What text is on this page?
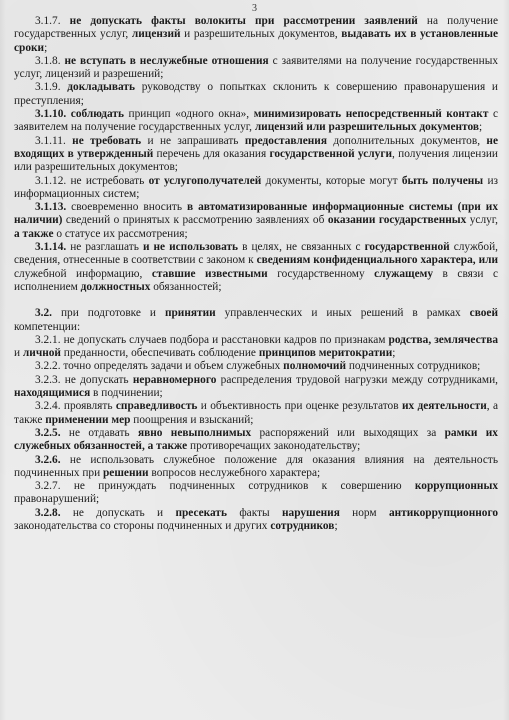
3

3.1.7. не допускать факты волокиты при рассмотрении заявлений на получение государственных услуг, лицензий и разрешительных документов, выдавать их в установленные сроки;

3.1.8. не вступать в неслужебные отношения с заявителями на получение государственных услуг, лицензий и разрешений;

3.1.9. докладывать руководству о попытках склонить к совершению правонарушения и преступления;

3.1.10. соблюдать принцип «одного окна», минимизировать непосредственный контакт с заявителем на получение государственных услуг, лицензий или разрешительных документов;

3.1.11. не требовать и не запрашивать предоставления дополнительных документов, не входящих в утвержденный перечень для оказания государственной услуги, получения лицензии или разрешительных документов;

3.1.12. не истребовать от услугополучателей документы, которые могут быть получены из информационных систем;

3.1.13. своевременно вносить в автоматизированные информационные системы (при их наличии) сведений о принятых к рассмотрению заявлениях об оказании государственных услуг, а также о статусе их рассмотрения;

3.1.14. не разглашать и не использовать в целях, не связанных с государственной службой, сведения, отнесенные в соответствии с законом к сведениям конфиденциального характера, или служебной информацию, ставшие известными государственному служащему в связи с исполнением должностных обязанностей;

3.2. при подготовке и принятии управленческих и иных решений в рамках своей компетенции:

3.2.1. не допускать случаев подбора и расстановки кадров по признакам родства, землячества и личной преданности, обеспечивать соблюдение принципов меритократии;

3.2.2. точно определять задачи и объем служебных полномочий подчиненных сотрудников;

3.2.3. не допускать неравномерного распределения трудовой нагрузки между сотрудниками, находящимися в подчинении;

3.2.4. проявлять справедливость и объективность при оценке результатов их деятельности, а также применении мер поощрения и взысканий;

3.2.5. не отдавать явно невыполнимых распоряжений или выходящих за рамки их служебных обязанностей, а также противоречащих законодательству;

3.2.6. не использовать служебное положение для оказания влияния на деятельность подчиненных при решении вопросов неслужебного характера;

3.2.7. не принуждать подчиненных сотрудников к совершению коррупционных правонарушений;

3.2.8. не допускать и пресекать факты нарушения норм антикоррупционного законодательства со стороны подчиненных и других сотрудников;
